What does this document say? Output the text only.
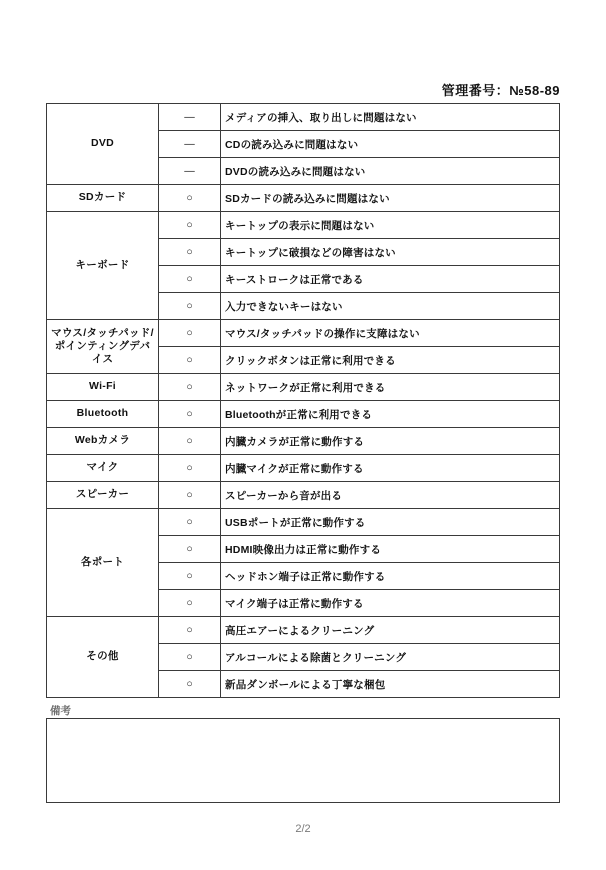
管理番号：№58-89
DVD	—	メディアの挿入、取り出しに問題はない
	—	CDの読み込みに問題はない
	—	DVDの読み込みに問題はない
SDカード	○	SDカードの読み込みに問題はない
キーボード	○	キートップの表示に問題はない
	○	キートップに破損などの障害はない
	○	キーストロークは正常である
	○	入力できないキーはない
マウス/タッチパッド/ポインティングデバイス	○	マウス/タッチパッドの操作に支障はない
	○	クリックボタンは正常に利用できる
Wi-Fi	○	ネットワークが正常に利用できる
Bluetooth	○	Bluetoothが正常に利用できる
Webカメラ	○	内臓カメラが正常に動作する
マイク	○	内臓マイクが正常に動作する
スピーカー	○	スピーカーから音が出る
各ポート	○	USBポートが正常に動作する
	○	HDMI映像出力は正常に動作する
	○	ヘッドホン端子は正常に動作する
	○	マイク端子は正常に動作する
その他	○	高圧エアーによるクリーニング
	○	アルコールによる除菌とクリーニング
	○	新品ダンボールによる丁寧な梱包
備考
2/2
